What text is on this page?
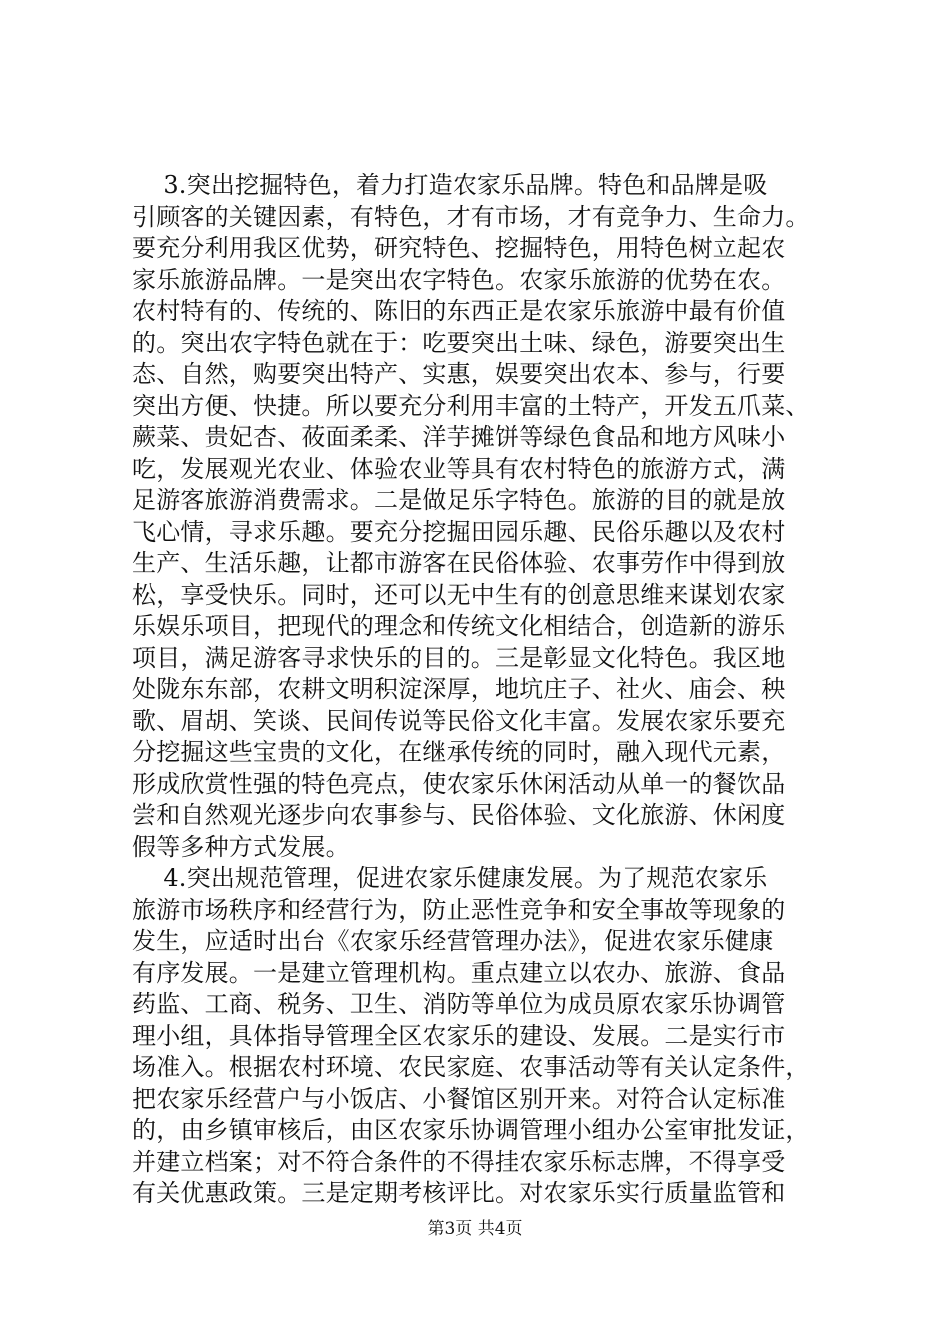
3.突出挖掘特色，着力打造农家乐品牌。特色和品牌是吸
引顾客的关键因素，有特色，才有市场，才有竞争力、生命力。
要充分利用我区优势，研究特色、挖掘特色，用特色树立起农
家乐旅游品牌。一是突出农字特色。农家乐旅游的优势在农。
农村特有的、传统的、陈旧的东西正是农家乐旅游中最有价值
的。突出农字特色就在于：吃要突出土味、绿色，游要突出生
态、自然，购要突出特产、实惠，娱要突出农本、参与，行要
突出方便、快捷。所以要充分利用丰富的土特产，开发五爪菜、
蕨菜、贵妃杏、莜面柔柔、洋芋摊饼等绿色食品和地方风味小
吃，发展观光农业、体验农业等具有农村特色的旅游方式，满
足游客旅游消费需求。二是做足乐字特色。旅游的目的就是放
飞心情，寻求乐趣。要充分挖掘田园乐趣、民俗乐趣以及农村
生产、生活乐趣，让都市游客在民俗体验、农事劳作中得到放
松，享受快乐。同时，还可以无中生有的创意思维来谋划农家
乐娱乐项目，把现代的理念和传统文化相结合，创造新的游乐
项目，满足游客寻求快乐的目的。三是彰显文化特色。我区地
处陇东东部，农耕文明积淀深厚，地坑庄子、社火、庙会、秧
歌、眉胡、笑谈、民间传说等民俗文化丰富。发展农家乐要充
分挖掘这些宝贵的文化，在继承传统的同时，融入现代元素，
形成欣赏性强的特色亮点，使农家乐休闲活动从单一的餐饮品
尝和自然观光逐步向农事参与、民俗体验、文化旅游、休闲度
假等多种方式发展。
4.突出规范管理，促进农家乐健康发展。为了规范农家乐
旅游市场秩序和经营行为，防止恶性竞争和安全事故等现象的
发生，应适时出台《农家乐经营管理办法》，促进农家乐健康
有序发展。一是建立管理机构。重点建立以农办、旅游、食品
药监、工商、税务、卫生、消防等单位为成员原农家乐协调管
理小组，具体指导管理全区农家乐的建设、发展。二是实行市
场准入。根据农村环境、农民家庭、农事活动等有关认定条件，
把农家乐经营户与小饭店、小餐馆区别开来。对符合认定标准
的，由乡镇审核后，由区农家乐协调管理小组办公室审批发证，
并建立档案；对不符合条件的不得挂农家乐标志牌，不得享受
有关优惠政策。三是定期考核评比。对农家乐实行质量监管和
第3页 共4页
